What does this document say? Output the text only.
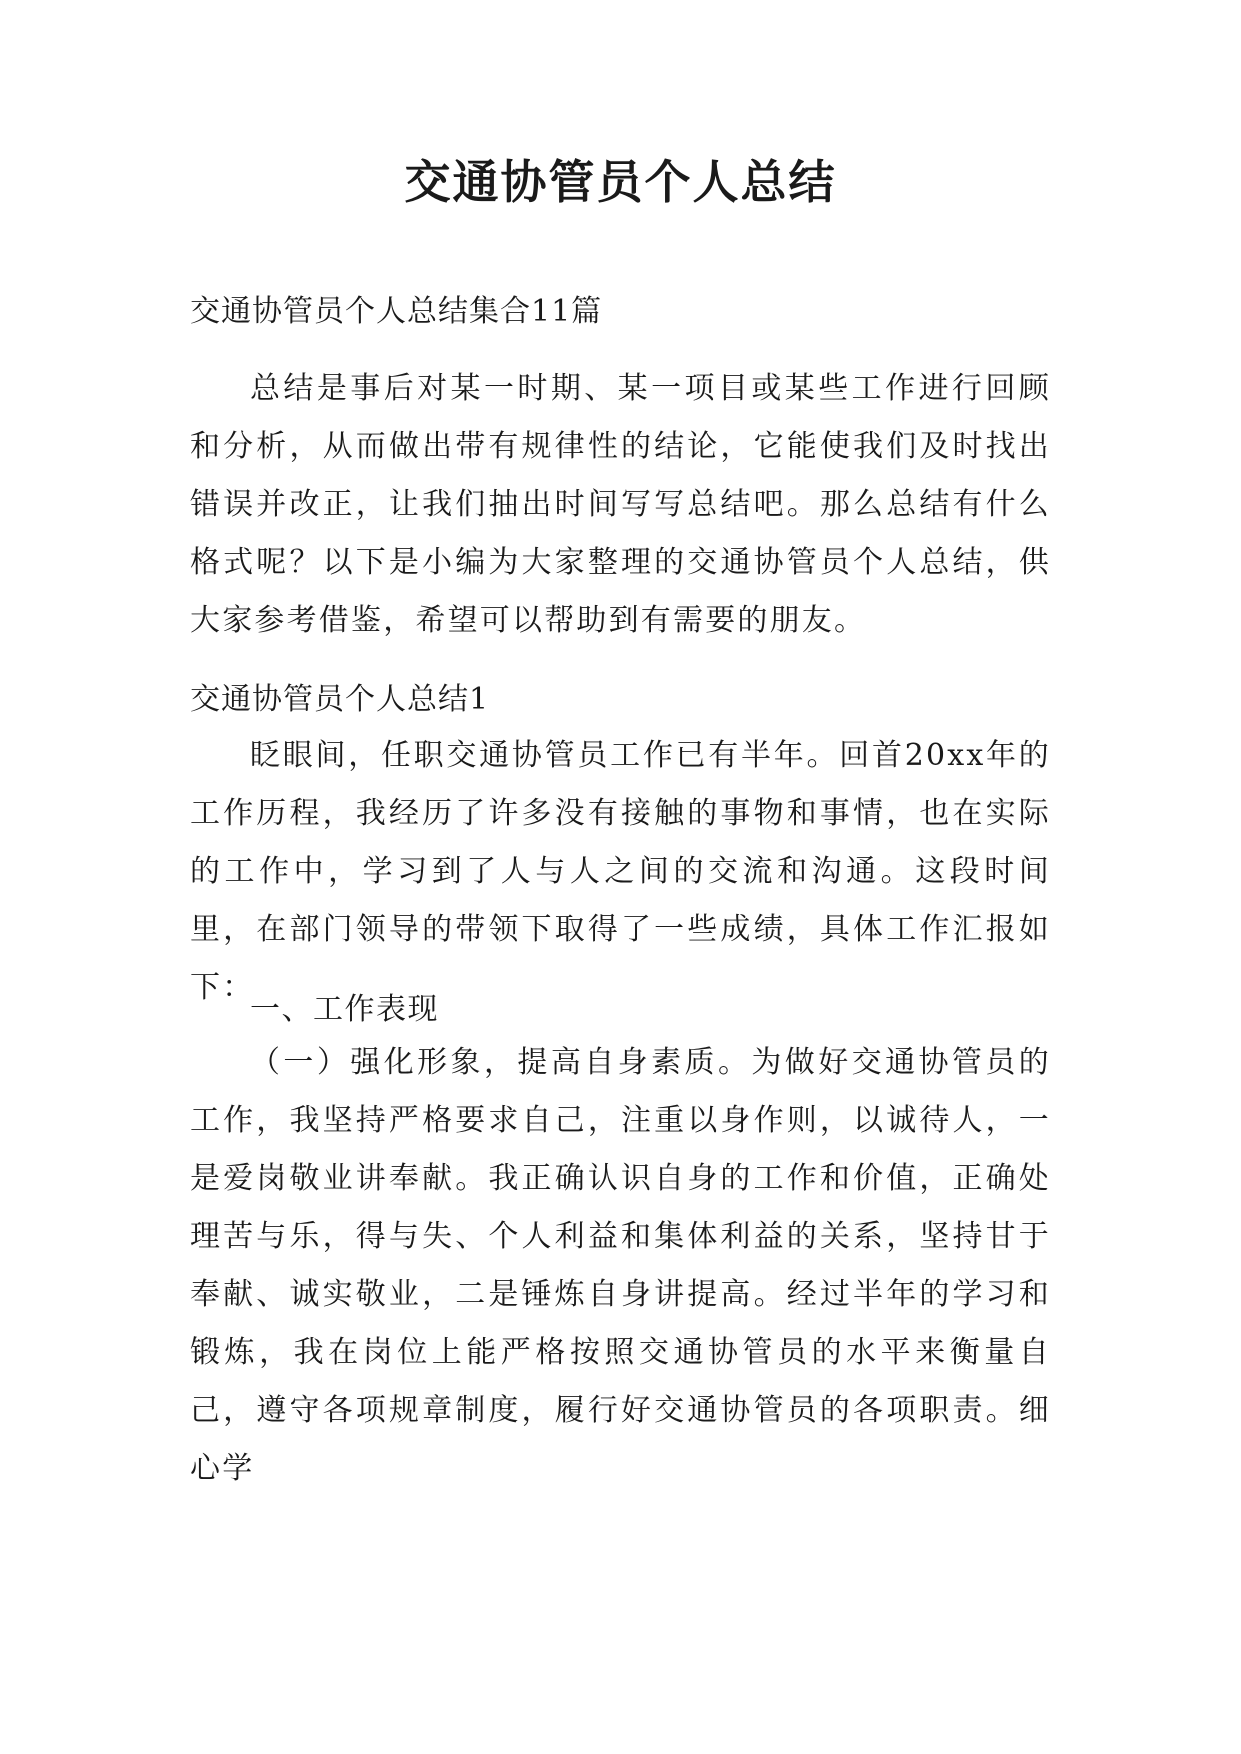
交通协管员个人总结
交通协管员个人总结集合11篇

总结是事后对某一时期、某一项目或某些工作进行回顾和分析，从而做出带有规律性的结论，它能使我们及时找出错误并改正，让我们抽出时间写写总结吧。那么总结有什么格式呢？以下是小编为大家整理的交通协管员个人总结，供大家参考借鉴，希望可以帮助到有需要的朋友。

交通协管员个人总结1

眨眼间，任职交通协管员工作已有半年。回首20xx年的工作历程，我经历了许多没有接触的事物和事情，也在实际的工作中，学习到了人与人之间的交流和沟通。这段时间里，在部门领导的带领下取得了一些成绩，具体工作汇报如下：

一、工作表现

（一）强化形象，提高自身素质。为做好交通协管员的工作，我坚持严格要求自己，注重以身作则，以诚待人，一是爱岗敬业讲奉献。我正确认识自身的工作和价值，正确处理苦与乐，得与失、个人利益和集体利益的关系，坚持甘于奉献、诚实敬业，二是锤炼自身讲提高。经过半年的学习和锻炼，我在岗位上能严格按照交通协管员的水平来衡量自己，遵守各项规章制度，履行好交通协管员的各项职责。细心学
